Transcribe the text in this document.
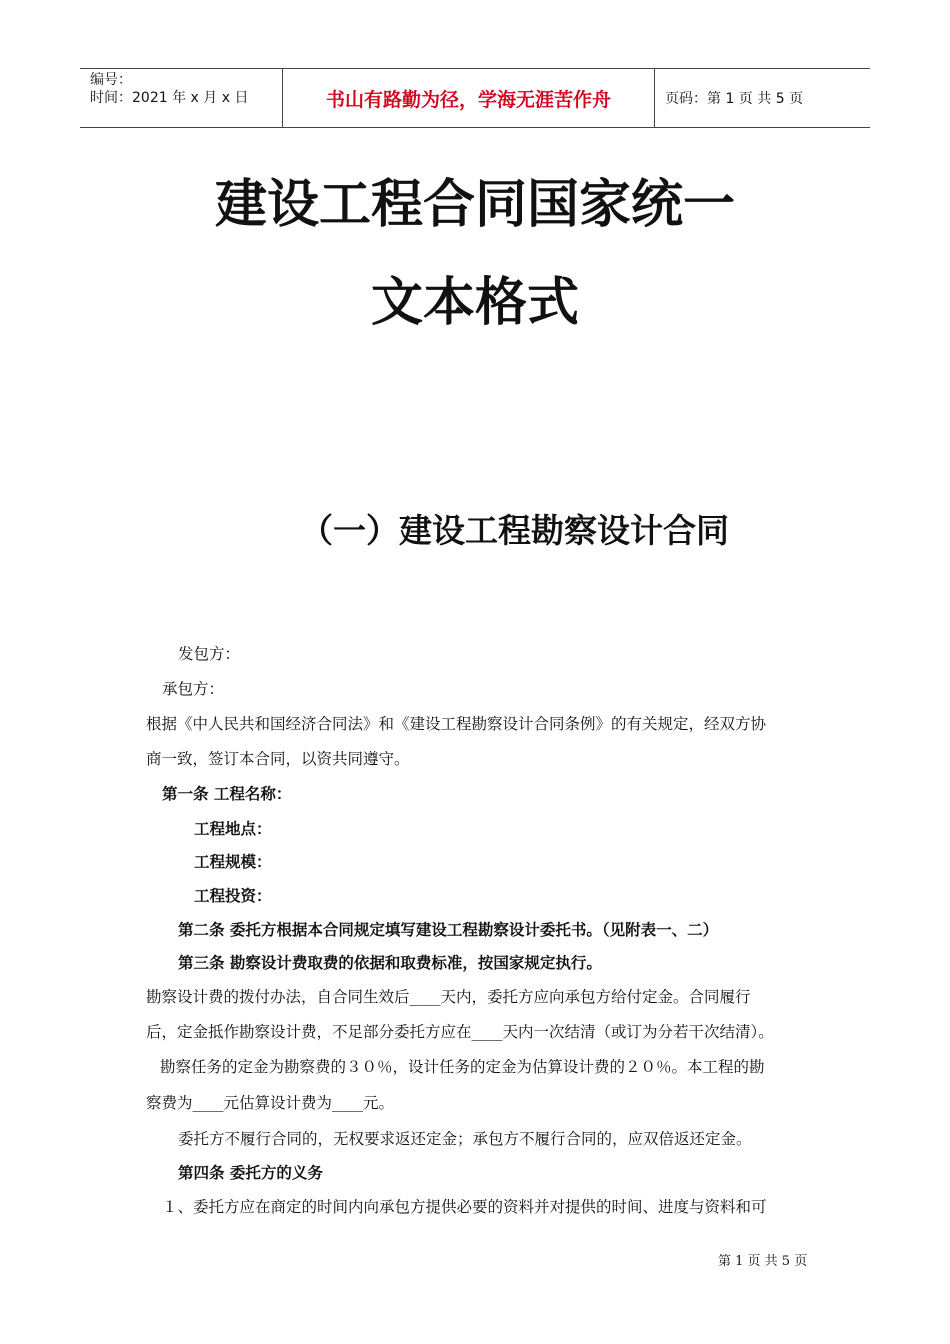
编号：
时间：2021 年 x 月 x 日	书山有路勤为径，学海无涯苦作舟	页码：第 1 页 共 5 页
建设工程合同国家统一
文本格式
（一）建设工程勘察设计合同
发包方：
承包方：
根据《中人民共和国经济合同法》和《建设工程勘察设计合同条例》的有关规定，经双方协
商一致，签订本合同，以资共同遵守。
第一条 工程名称：
工程地点：
工程规模：
工程投资：
第二条 委托方根据本合同规定填写建设工程勘察设计委托书。（见附表一、二）
第三条 勘察设计费取费的依据和取费标准，按国家规定执行。
勘察设计费的拨付办法，自合同生效后____天内，委托方应向承包方给付定金。合同履行
后，定金抵作勘察设计费，不足部分委托方应在____天内一次结清（或订为分若干次结清）。
勘察任务的定金为勘察费的３０％，设计任务的定金为估算设计费的２０％。本工程的勘
察费为____元估算设计费为____元。
委托方不履行合同的，无权要求返还定金；承包方不履行合同的，应双倍返还定金。
第四条 委托方的义务
１、委托方应在商定的时间内向承包方提供必要的资料并对提供的时间、进度与资料和可
第 1 页 共 5 页
